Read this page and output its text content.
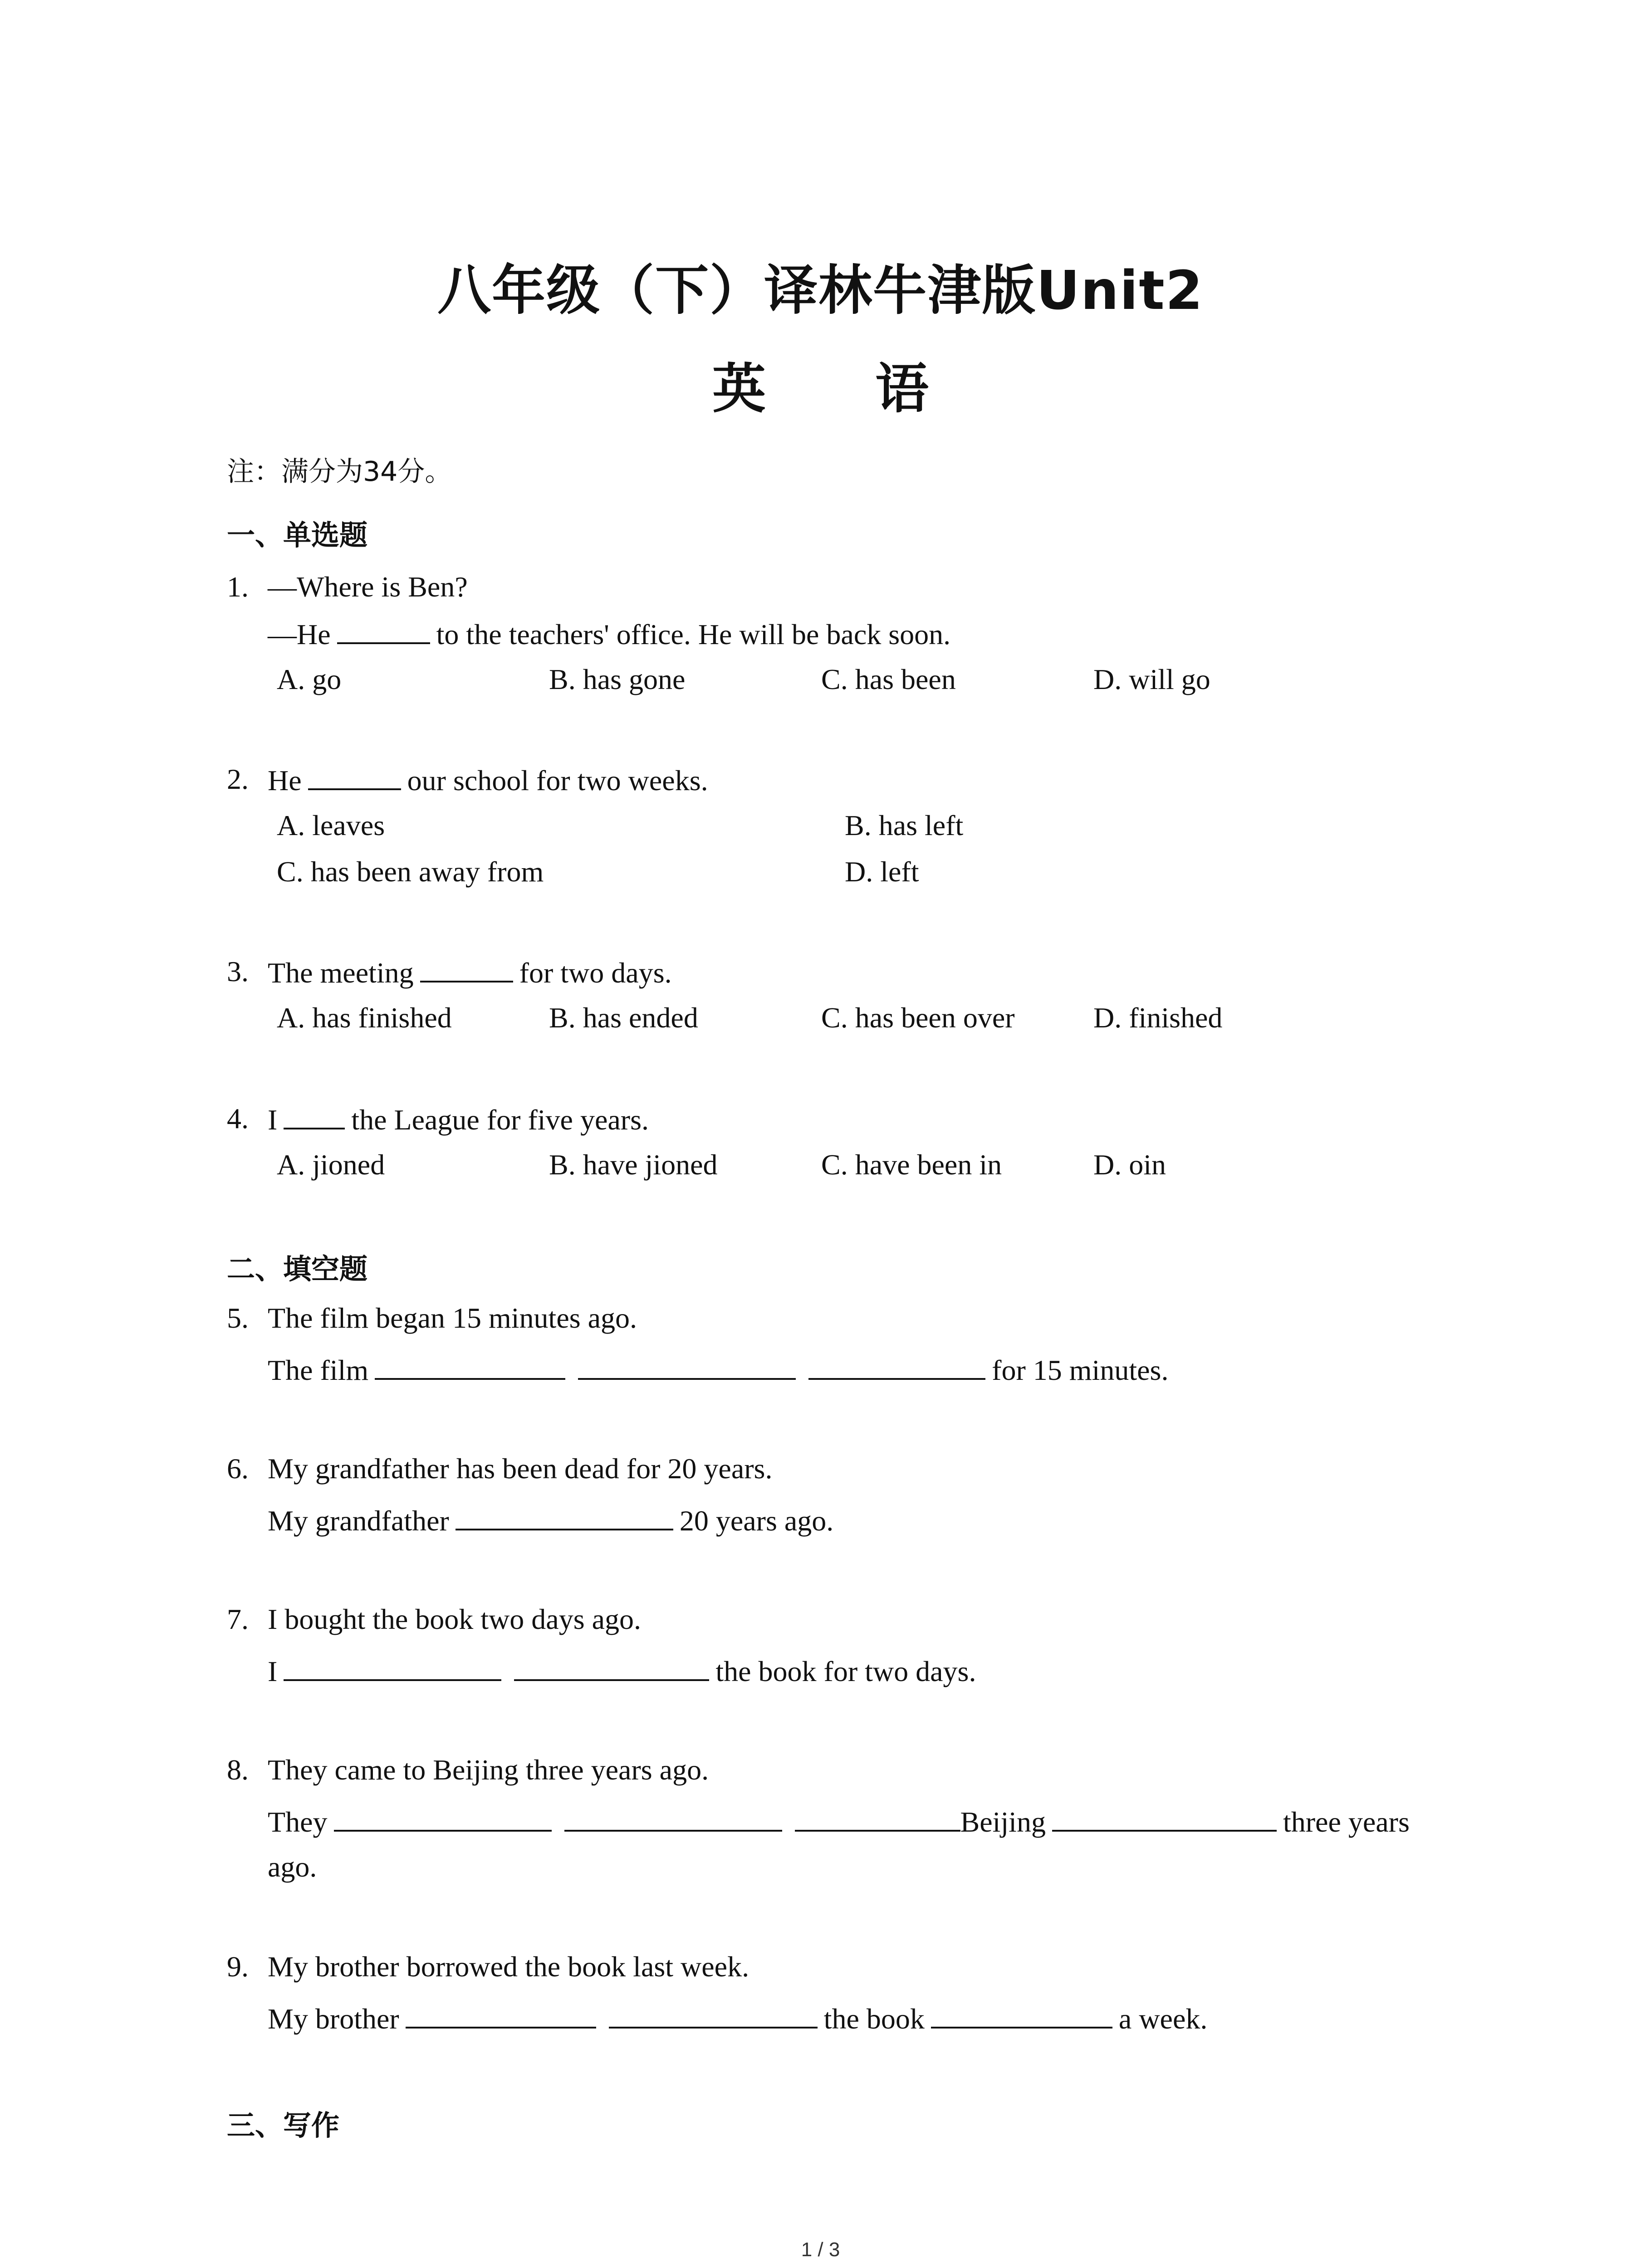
八年级（下）译林牛津版Unit2
英 语
注：满分为34分。
一、单选题
1. —Where is Ben?
—He	to the teachers' office. He will be back soon.
A. go	B. has gone	C. has been	D. will go
2. He	our school for two weeks.
A. leaves	B. has left
C. has been away from	D. left
3. The meeting	for two days.
A. has finished	B. has ended	C. has been over	D. finished
4. I	the League for five years.
A. jioned	B. have jioned	C. have been in	D. oin
二、填空题
5. The film began 15 minutes ago.
The film	for 15 minutes.
6. My grandfather has been dead for 20 years.
My grandfather	20 years ago.
7. I bought the book two days ago.
I	the book for two days.
8. They came to Beijing three years ago.
They	Beijing	three years
ago.
9. My brother borrowed the book last week.
My brother	the book	a week.
三、写作
1 / 3
